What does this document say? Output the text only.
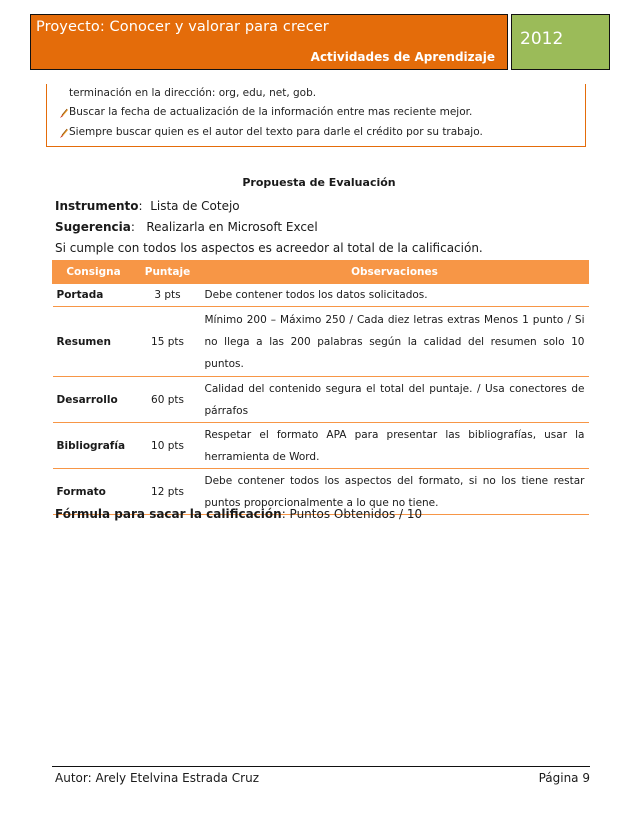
Proyecto: Conocer y valorar para crecer
Actividades de Aprendizaje
2012
terminación en la dirección: org, edu, net, gob.
Buscar la fecha de actualización de la información entre mas reciente mejor.
Siempre buscar quien es el autor del texto para darle el crédito por su trabajo.
Propuesta de Evaluación
Instrumento:  Lista de Cotejo
Sugerencia:   Realizarla en Microsoft Excel
Si cumple con todos los aspectos es acreedor al total de la calificación.
Consigna	Puntaje	Observaciones
Portada	3 pts	Debe contener todos los datos solicitados.
Resumen	15 pts	Mínimo 200 – Máximo 250 / Cada diez letras extras Menos 1 punto / Si no llega a las 200 palabras según la calidad del resumen solo 10 puntos.
Desarrollo	60 pts	Calidad del contenido segura el total del puntaje. / Usa conectores de párrafos
Bibliografía	10 pts	Respetar el formato APA para presentar las bibliografías, usar la herramienta de Word.
Formato	12 pts	Debe contener todos los aspectos del formato, si no los tiene restar puntos proporcionalmente a lo que no tiene.
Fórmula para sacar la calificación: Puntos Obtenidos / 10
Autor: Arely Etelvina Estrada Cruz	Página 9
